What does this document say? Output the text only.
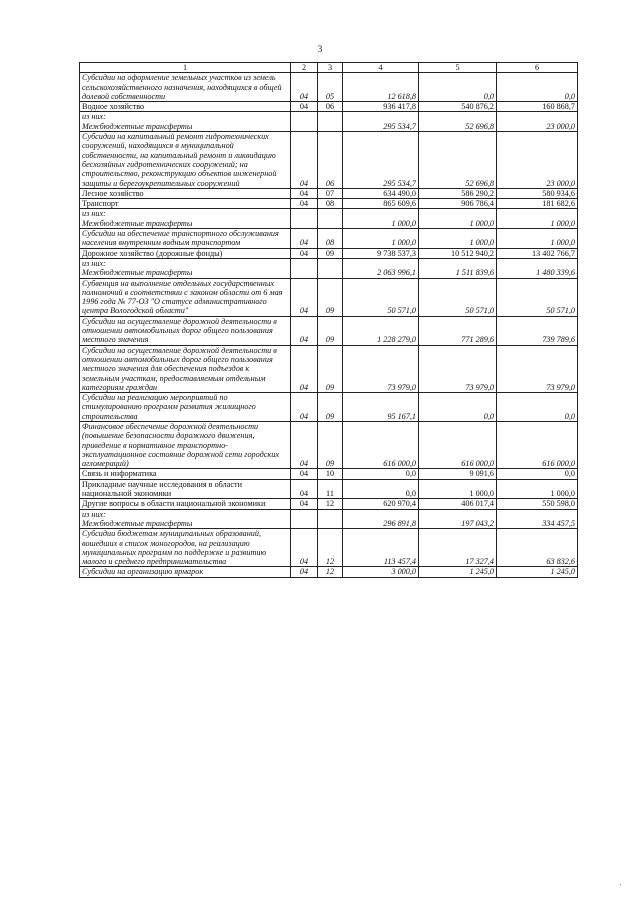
3
1	2	3	4	5	6
Субсидии на оформление земельных участков из земель сельскохозяйственного назначения, находящихся в общей долевой собственности	04	05	12 618,8	0,0	0,0
Водное хозяйство	04	06	936 417,8	540 876,2	160 868,7
из них:
Межбюджетные трансферты			295 534,7	52 696,8	23 000,0
Субсидии на капитальный ремонт гидротехнических сооружений, находящихся в муниципальной собственности, на капитальный ремонт и ликвидацию бесхозяйных гидротехнических сооружений; на строительство, реконструкцию объектов инженерной защиты и берегоукрепительных сооружений	04	06	295 534,7	52 696,8	23 000,0
Лесное хозяйство	04	07	634 490,0	586 290,2	580 934,6
Транспорт	04	08	865 609,6	906 786,4	181 682,6
из них:
Межбюджетные трансферты			1 000,0	1 000,0	1 000,0
Субсидии на обеспечение транспортного обслуживания населения внутренним водным транспортом	04	08	1 000,0	1 000,0	1 000,0
Дорожное хозяйство (дорожные фонды)	04	09	9 738 537,3	10 512 940,2	13 402 766,7
из них:
Межбюджетные трансферты			2 063 996,1	1 511 839,6	1 480 339,6
Субвенция на выполнение отдельных государственных полномочий в соответствии с законом области от 6 мая 1996 года № 77-ОЗ "О статусе административного центра Вологодской области"	04	09	50 571,0	50 571,0	50 571,0
Субсидии на осуществление дорожной деятельности в отношении автомобильных дорог общего пользования местного значения	04	09	1 228 279,0	771 289,6	739 789,6
Субсидии на осуществление дорожной деятельности в отношении автомобильных дорог общего пользования местного значения для обеспечения подъездов к земельным участкам, предоставляемым отдельным категориям граждан	04	09	73 979,0	73 979,0	73 979,0
Субсидии на реализацию мероприятий по стимулированию программ развития жилищного строительства	04	09	95 167,1	0,0	0,0
Финансовое обеспечение дорожной деятельности (повышение безопасности дорожного движения, приведение в нормативное транспортно-эксплуатационное состояние дорожной сети городских агломераций)	04	09	616 000,0	616 000,0	616 000,0
Связь и информатика	04	10	0,0	9 091,6	0,0
Прикладные научные исследования в области национальной экономики	04	11	0,0	1 000,0	1 000,0
Другие вопросы в области национальной экономики	04	12	620 970,4	406 017,4	550 598,0
из них:
Межбюджетные трансферты			296 891,8	197 043,2	334 457,5
Субсидии бюджетам муниципальных образований, вошедших в список моногородов, на реализацию муниципальных программ по поддержке и развитию малого и среднего предпринимательства	04	12	113 457,4	17 327,4	63 832,6
Субсидии на организацию ярмарок	04	12	3 000,0	1 245,0	1 245,0
'
